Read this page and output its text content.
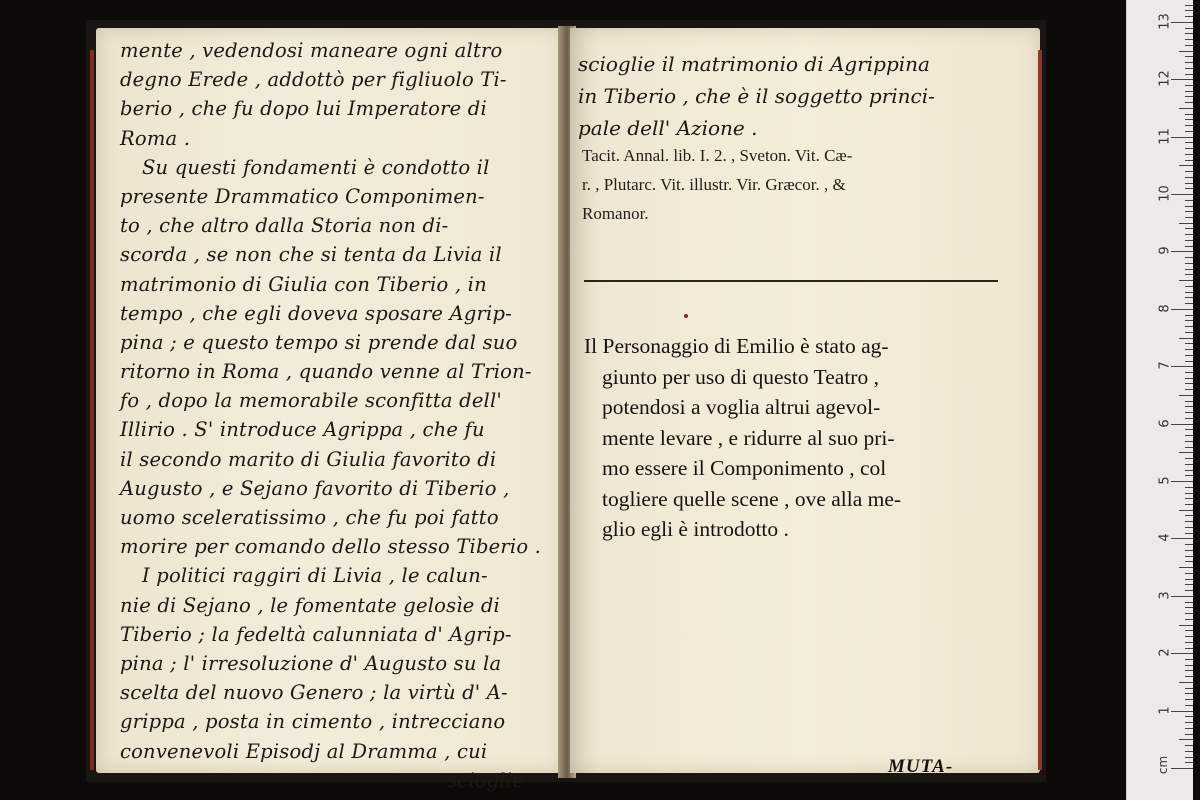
mente , vedendosi maneare ogni altro
degno Erede , addottò per figliuolo Ti-
berio , che fu dopo lui Imperatore di
Roma .
Su questi fondamenti è condotto il
presente Drammatico Componimen-
to , che altro dalla Storia non di-
scorda , se non che si tenta da Livia il
matrimonio di Giulia con Tiberio , in
tempo , che egli doveva sposare Agrip-
pina ; e questo tempo si prende dal suo
ritorno in Roma , quando venne al Trion-
fo , dopo la memorabile sconfitta dell'
Illirio . S' introduce Agrippa , che fu
il secondo marito di Giulia favorito di
Augusto , e Sejano favorito di Tiberio ,
uomo sceleratissimo , che fu poi fatto
morire per comando dello stesso Tiberio .
I politici raggiri di Livia , le calun-
nie di Sejano , le fomentate gelosìe di
Tiberio ; la fedeltà calunniata d' Agrip-
pina ; l' irresoluzione d' Augusto su la
scelta del nuovo Genero ; la virtù d' A-
grippa , posta in cimento , intrecciano
convenevoli Episodj al Dramma , cui
scioglie
scioglie il matrimonio di Agrippina
in Tiberio , che è il soggetto princi-
pale dell' Azione .
Tacit. Annal. lib. I. 2. , Sveton. Vit. Cæ-
r. , Plutarc. Vit. illustr. Vir. Græcor. , &
Romanor.
Il Personaggio di Emilio è stato ag-
giunto per uso di questo Teatro ,
potendosi a voglia altrui agevol-
mente levare , e ridurre al suo pri-
mo essere il Componimento , col
togliere quelle scene , ove alla me-
glio egli è introdotto .
MUTA-	cm
1
2
3
4
5
6
7
8
9
10
11
12
13
